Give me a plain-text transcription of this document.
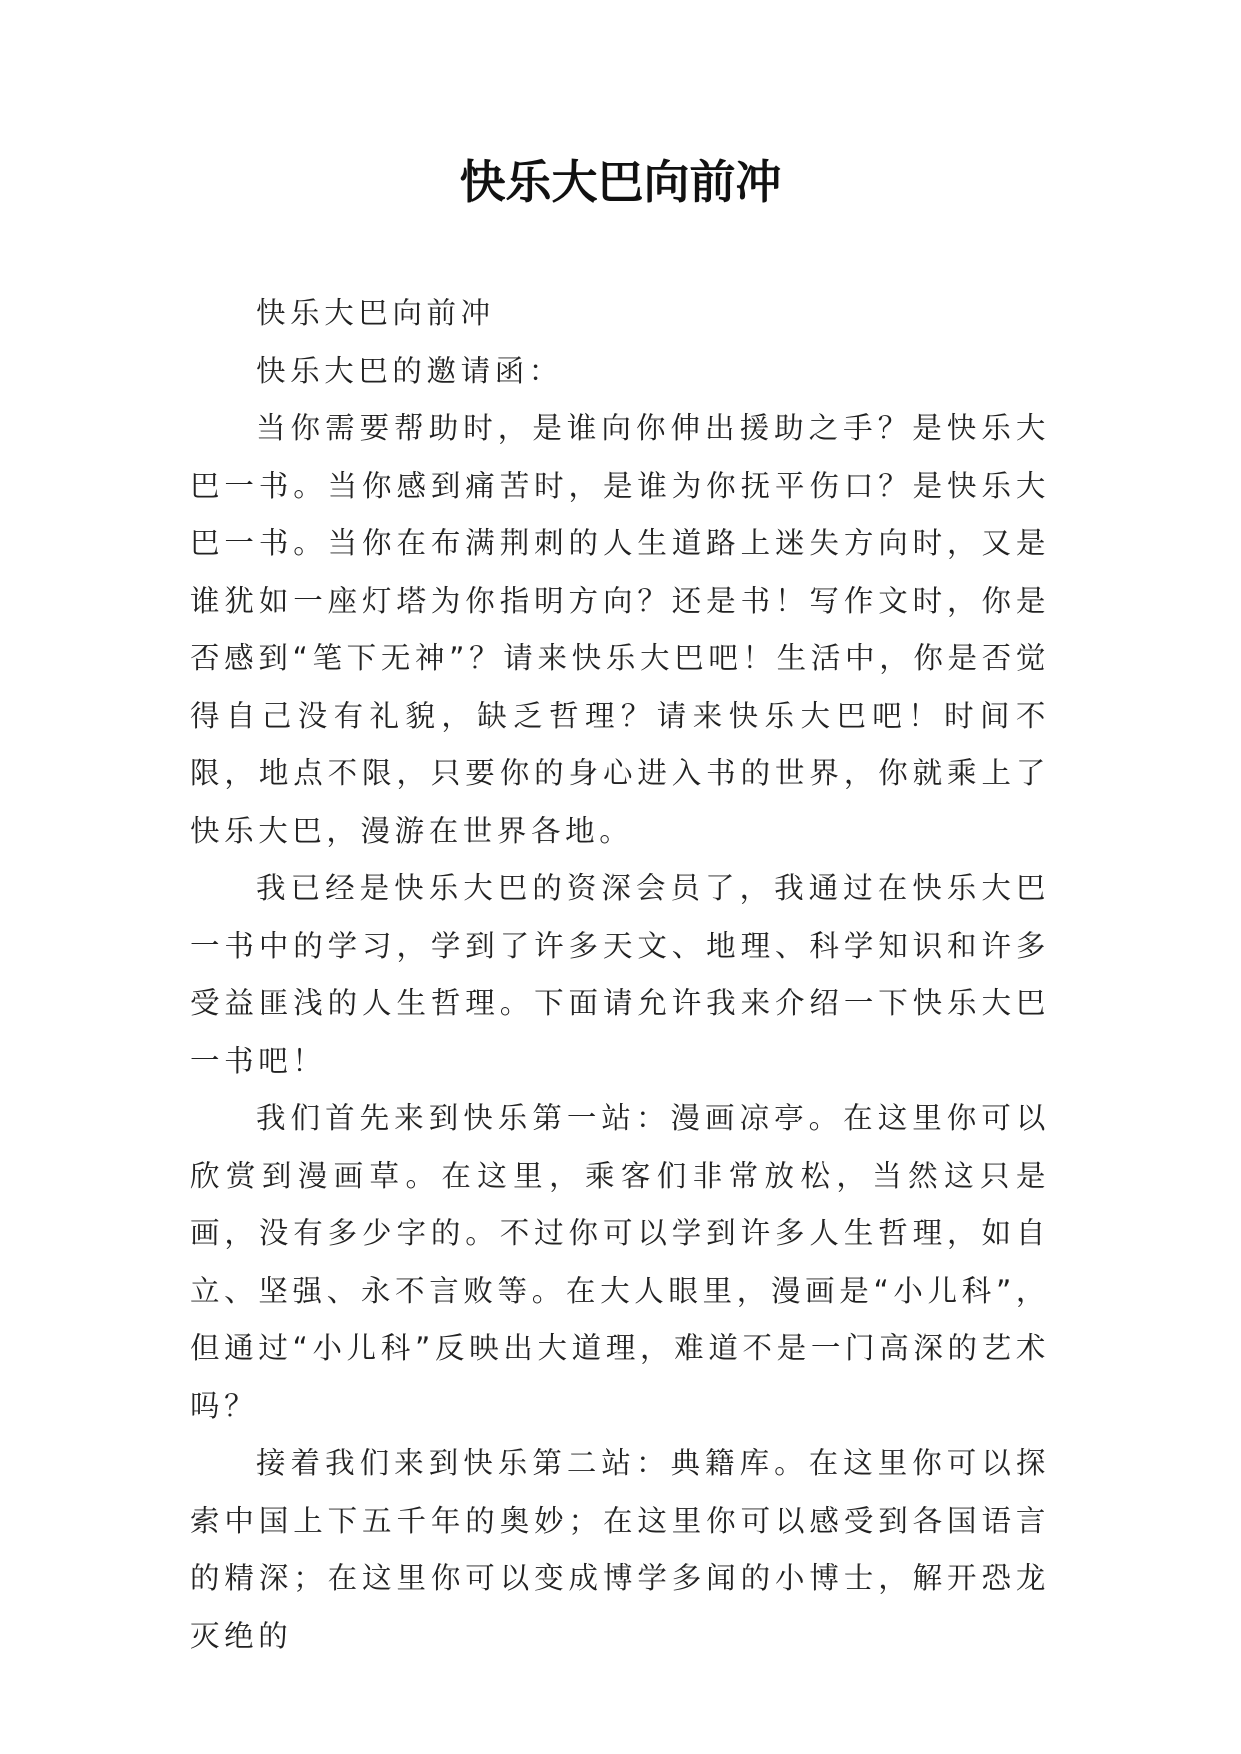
快乐大巴向前冲

快乐大巴向前冲

快乐大巴的邀请函：

当你需要帮助时，是谁向你伸出援助之手？是快乐大巴一书。当你感到痛苦时，是谁为你抚平伤口？是快乐大巴一书。当你在布满荆刺的人生道路上迷失方向时，又是谁犹如一座灯塔为你指明方向？还是书！写作文时，你是否感到“笔下无神”？请来快乐大巴吧！生活中，你是否觉得自己没有礼貌，缺乏哲理？请来快乐大巴吧！时间不限，地点不限，只要你的身心进入书的世界，你就乘上了快乐大巴，漫游在世界各地。

我已经是快乐大巴的资深会员了，我通过在快乐大巴一书中的学习，学到了许多天文、地理、科学知识和许多受益匪浅的人生哲理。下面请允许我来介绍一下快乐大巴一书吧！

我们首先来到快乐第一站：漫画凉亭。在这里你可以欣赏到漫画草。在这里，乘客们非常放松，当然这只是画，没有多少字的。不过你可以学到许多人生哲理，如自立、坚强、永不言败等。在大人眼里，漫画是“小儿科”，但通过“小儿科”反映出大道理，难道不是一门高深的艺术吗？

接着我们来到快乐第二站：典籍库。在这里你可以探索中国上下五千年的奥妙；在这里你可以感受到各国语言的精深；在这里你可以变成博学多闻的小博士，解开恐龙灭绝的
